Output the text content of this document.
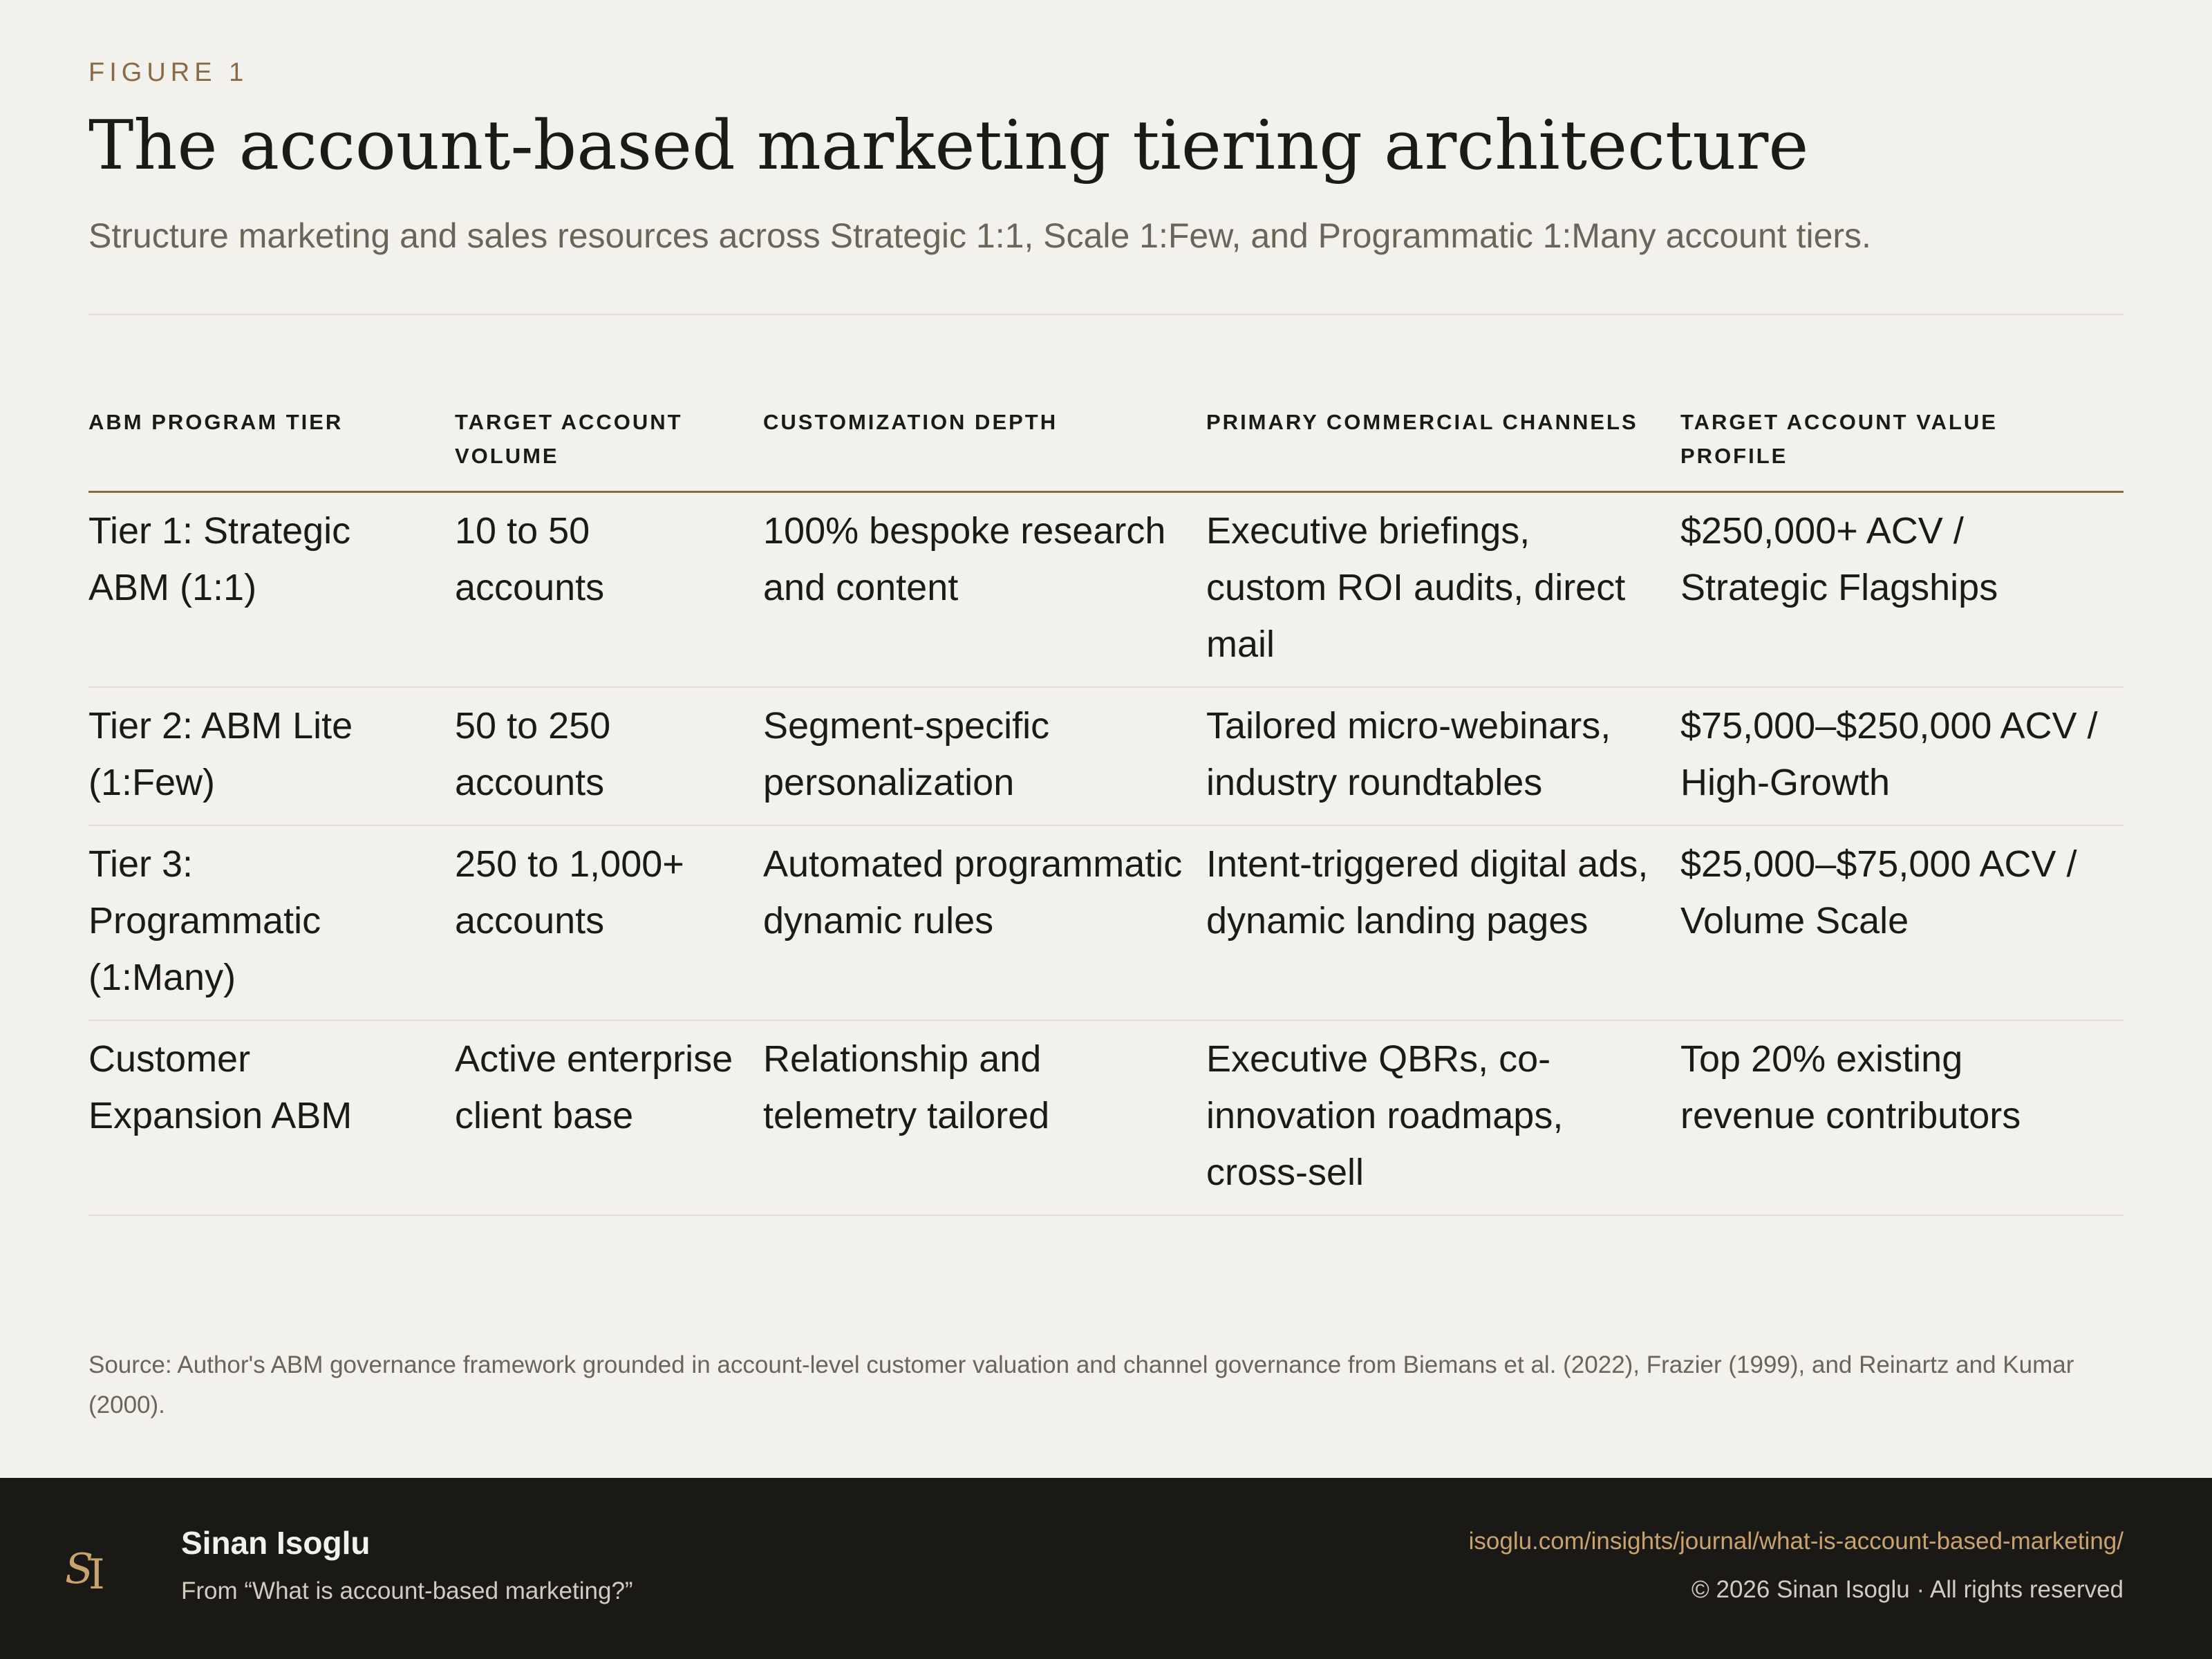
FIGURE 1
The account-based marketing tiering architecture
Structure marketing and sales resources across Strategic 1:1, Scale 1:Few, and Programmatic 1:Many account tiers.
ABM PROGRAM TIER	TARGET ACCOUNT VOLUME	CUSTOMIZATION DEPTH	PRIMARY COMMERCIAL CHANNELS	TARGET ACCOUNT VALUE PROFILE
Tier 1: Strategic ABM (1:1)	10 to 50 accounts	100% bespoke research and content	Executive briefings, custom ROI audits, direct mail	$250,000+ ACV / Strategic Flagships
Tier 2: ABM Lite (1:Few)	50 to 250 accounts	Segment-specific personalization	Tailored micro-webinars, industry roundtables	$75,000–$250,000 ACV / High-Growth
Tier 3: Programmatic (1:Many)	250 to 1,000+ accounts	Automated programmatic dynamic rules	Intent-triggered digital ads, dynamic landing pages	$25,000–$75,000 ACV / Volume Scale
Customer Expansion ABM	Active enterprise client base	Relationship and telemetry tailored	Executive QBRs, co-innovation roadmaps, cross-sell	Top 20% existing revenue contributors
Source: Author's ABM governance framework grounded in account-level customer valuation and channel governance from Biemans et al. (2022), Frazier (1999), and Reinartz and Kumar (2000).
S
I
Sinan Isoglu
From “What is account-based marketing?”
isoglu.com/insights/journal/what-is-account-based-marketing/
© 2026 Sinan Isoglu · All rights reserved
